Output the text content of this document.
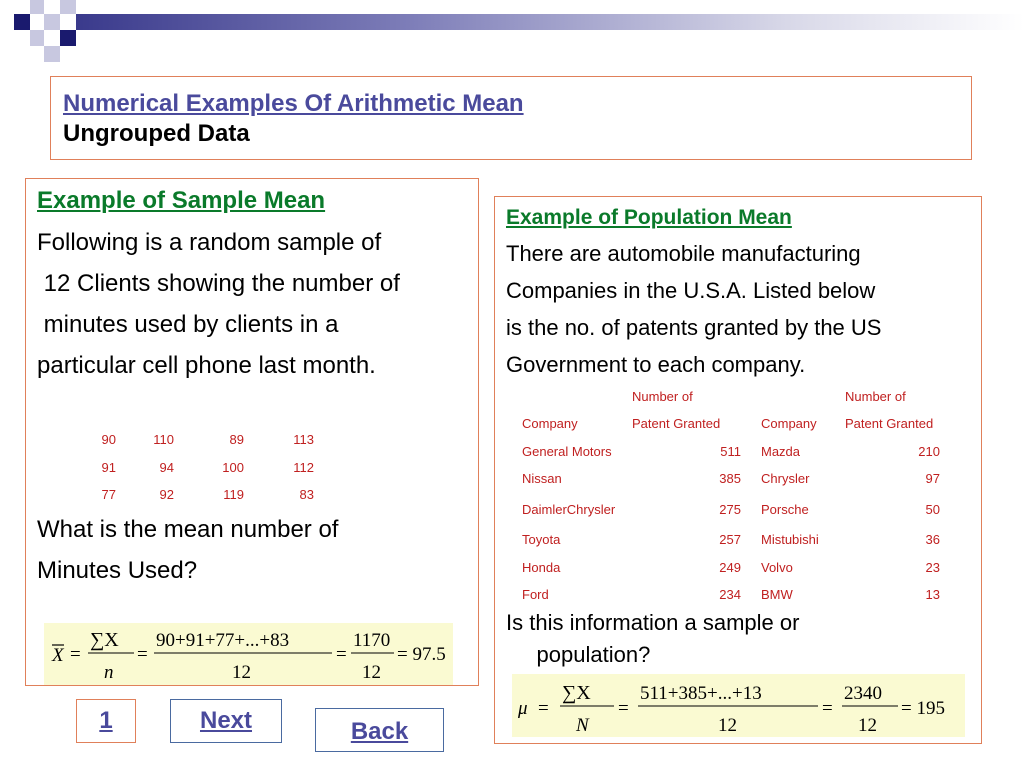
Numerical Examples Of Arithmetic Mean
Ungrouped Data
Example of Sample Mean
Following is a random sample of
12 Clients showing the number of
minutes used by clients in a
particular cell phone last month.
90	110	89	113
91	94	100	112
77	92	119	83
What is the mean number of
Minutes Used?
X =
∑X
n
=
90+91+77+...+83
12
=
1170
12
= 97.5
Example of Population Mean
There are automobile manufacturing
Companies in the U.S.A. Listed below
is the no. of patents granted by the US
Government to each company.
	Number of			Number of
Company	Patent Granted		Company	Patent Granted
General Motors	511		Mazda	210
Nissan	385		Chrysler	97
DaimlerChrysler	275		Porsche	50
Toyota	257		Mistubishi	36
Honda	249		Volvo	23
Ford	234		BMW	13
Is this information a sample or
population?
μ =
∑X
N
=
511+385+...+13
12
=
2340
12
= 195
1	Next	Back
